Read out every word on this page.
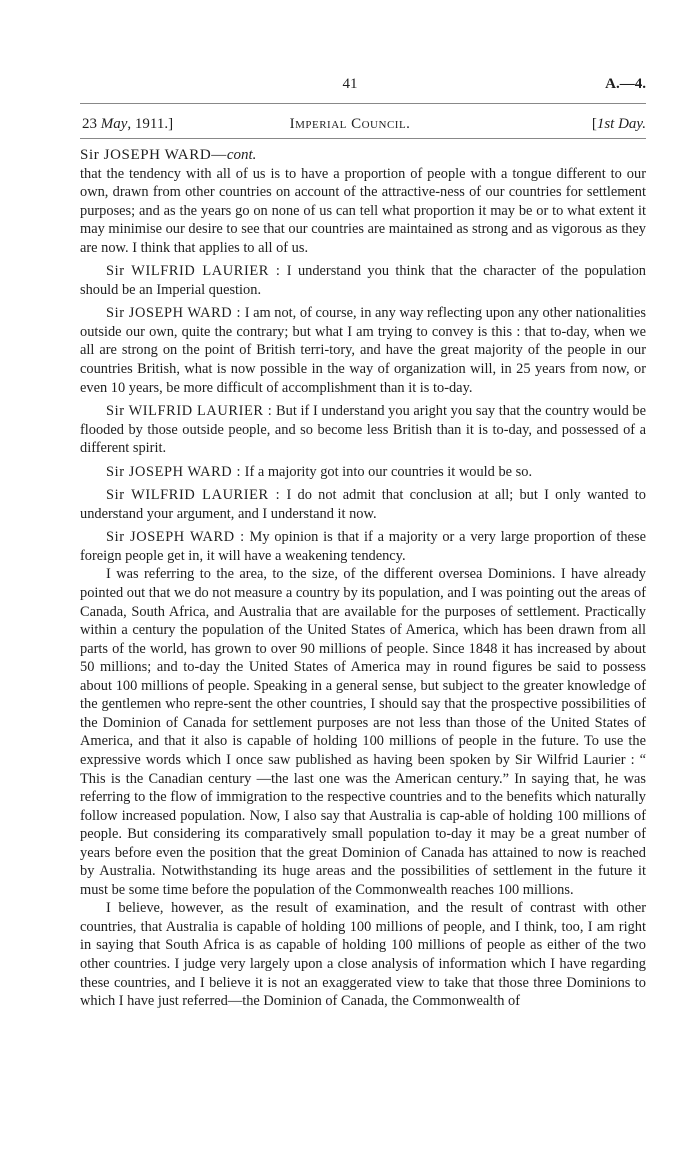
41	A.—4.
23 May, 1911.]	Imperial Council.	[1st Day.

Sir JOSEPH WARD—cont.

that the tendency with all of us is to have a proportion of people with a tongue different to our own, drawn from other countries on account of the attractive-ness of our countries for settlement purposes; and as the years go on none of us can tell what proportion it may be or to what extent it may minimise our desire to see that our countries are maintained as strong and as vigorous as they are now. I think that applies to all of us.

Sir WILFRID LAURIER : I understand you think that the character of the population should be an Imperial question.

Sir JOSEPH WARD : I am not, of course, in any way reflecting upon any other nationalities outside our own, quite the contrary; but what I am trying to convey is this : that to-day, when we all are strong on the point of British terri-tory, and have the great majority of the people in our countries British, what is now possible in the way of organization will, in 25 years from now, or even 10 years, be more difficult of accomplishment than it is to-day.

Sir WILFRID LAURIER : But if I understand you aright you say that the country would be flooded by those outside people, and so become less British than it is to-day, and possessed of a different spirit.

Sir JOSEPH WARD : If a majority got into our countries it would be so.

Sir WILFRID LAURIER : I do not admit that conclusion at all; but I only wanted to understand your argument, and I understand it now.

Sir JOSEPH WARD : My opinion is that if a majority or a very large proportion of these foreign people get in, it will have a weakening tendency.

I was referring to the area, to the size, of the different oversea Dominions. I have already pointed out that we do not measure a country by its population, and I was pointing out the areas of Canada, South Africa, and Australia that are available for the purposes of settlement. Practically within a century the population of the United States of America, which has been drawn from all parts of the world, has grown to over 90 millions of people. Since 1848 it has increased by about 50 millions; and to-day the United States of America may in round figures be said to possess about 100 millions of people. Speaking in a general sense, but subject to the greater knowledge of the gentlemen who repre-sent the other countries, I should say that the prospective possibilities of the Dominion of Canada for settlement purposes are not less than those of the United States of America, and that it also is capable of holding 100 millions of people in the future. To use the expressive words which I once saw published as having been spoken by Sir Wilfrid Laurier : “ This is the Canadian century —the last one was the American century.” In saying that, he was referring to the flow of immigration to the respective countries and to the benefits which naturally follow increased population. Now, I also say that Australia is cap-able of holding 100 millions of people. But considering its comparatively small population to-day it may be a great number of years before even the position that the great Dominion of Canada has attained to now is reached by Australia. Notwithstanding its huge areas and the possibilities of settlement in the future it must be some time before the population of the Commonwealth reaches 100 millions.

I believe, however, as the result of examination, and the result of contrast with other countries, that Australia is capable of holding 100 millions of people, and I think, too, I am right in saying that South Africa is as capable of holding 100 millions of people as either of the two other countries. I judge very largely upon a close analysis of information which I have regarding these countries, and I believe it is not an exaggerated view to take that those three Dominions to which I have just referred—the Dominion of Canada, the Commonwealth of
